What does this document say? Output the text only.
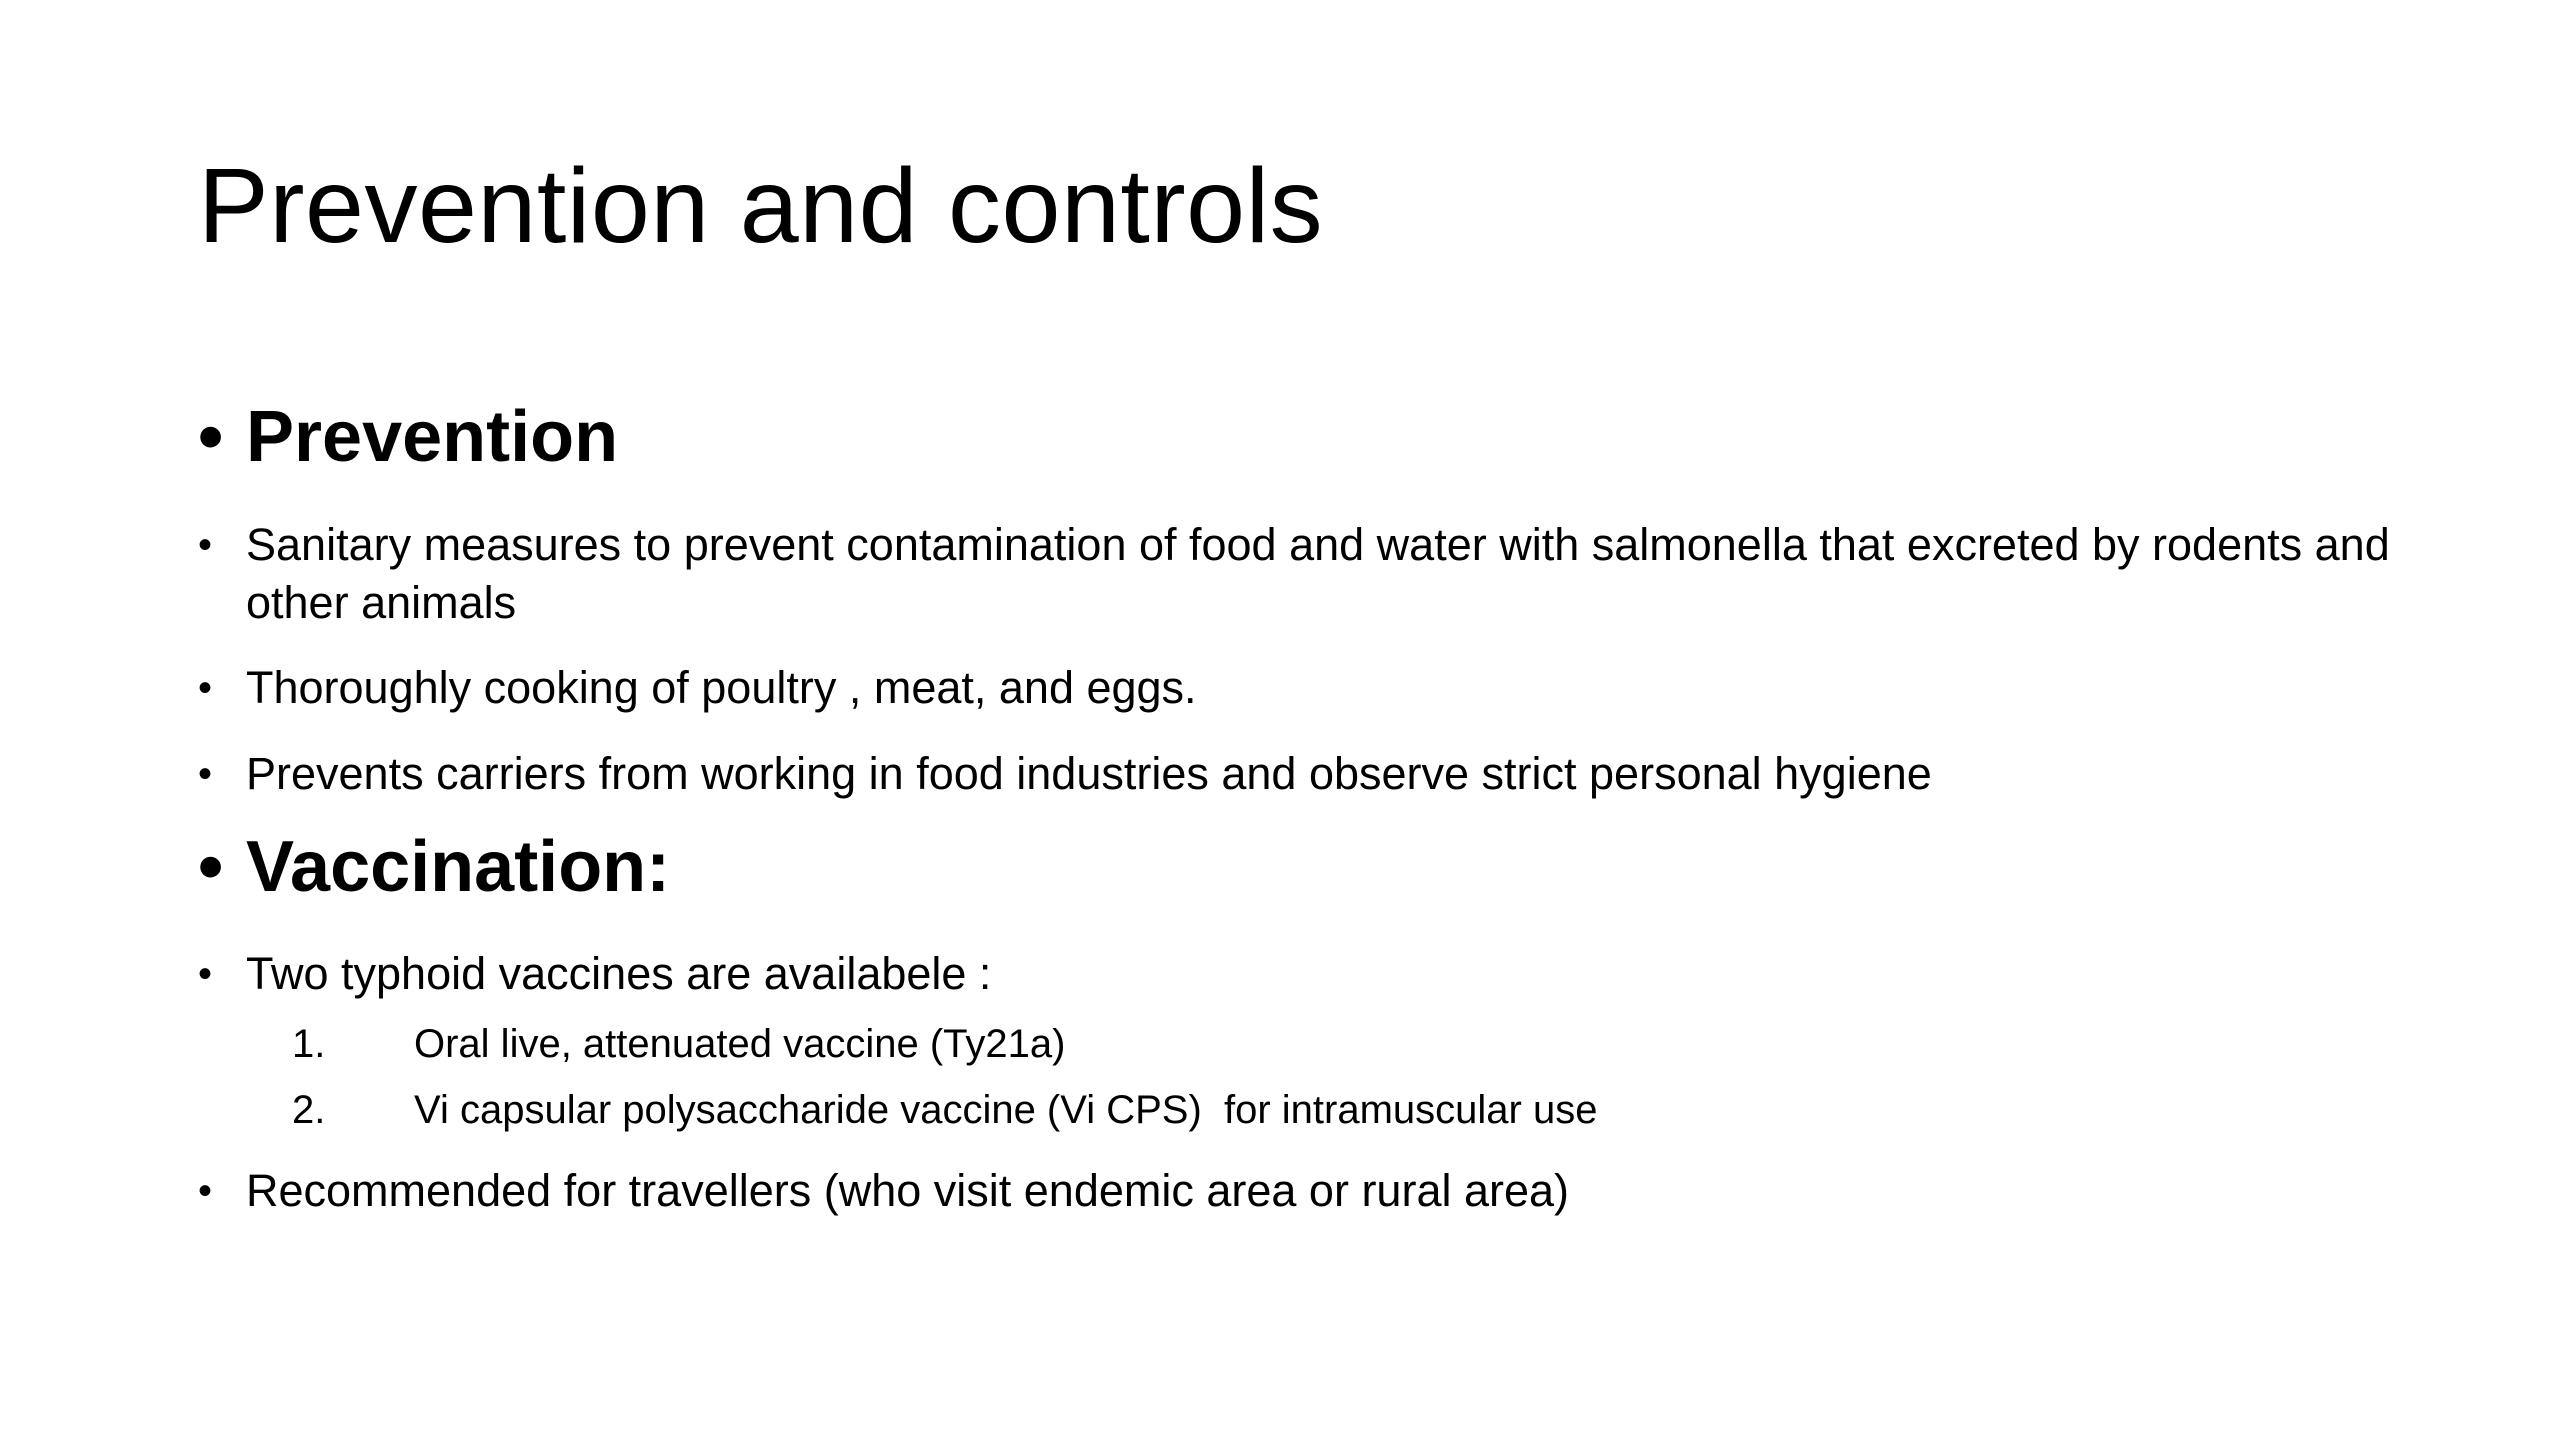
Prevention and controls
• Prevention
• Sanitary measures to prevent contamination of food and water with salmonella that excreted by rodents and other animals
• Thoroughly cooking of poultry , meat, and eggs.
• Prevents carriers from working in food industries and observe strict personal hygiene
• Vaccination:
• Two typhoid vaccines are availabele :
1. Oral live, attenuated vaccine (Ty21a)
2. Vi capsular polysaccharide vaccine (Vi CPS)  for intramuscular use
• Recommended for travellers (who visit endemic area or rural area)
